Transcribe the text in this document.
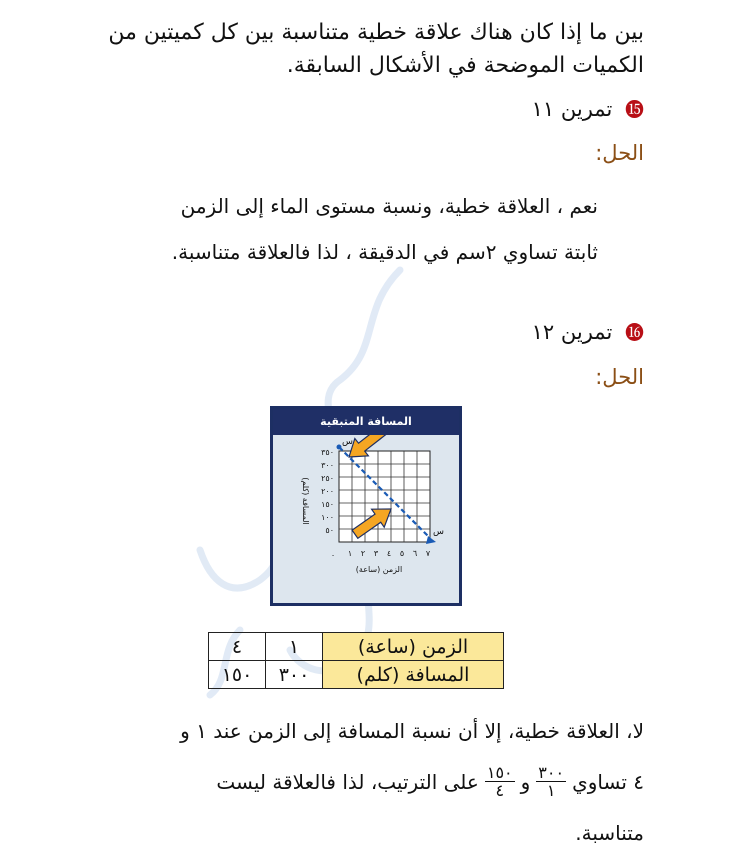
بين ما إذا كان هناك علاقة خطية متناسبة بين كل كميتين من الكميات الموضحة في الأشكال السابقة.
⓯ تمرين ١١
الحل:
نعم ، العلاقة خطية، ونسبة مستوى الماء إلى الزمن
ثابتة تساوي ٢سم في الدقيقة ، لذا فالعلاقة متناسبة.
⓰ تمرين ١٢
الحل:
المسافة المتبقية
٣٥٠
٣٠٠
٢٥٠
٢٠٠
١٥٠
١٠٠
٥٠
٠ ١ ٢ ٣ ٤ ٥ ٦ ٧
الزمن (ساعة)
المسافة (كلم)
س
س
الزمن (ساعة)	١	٤
المسافة (كلم)	٣٠٠	١٥٠
لا، العلاقة خطية، إلا أن نسبة المسافة إلى الزمن عند ١ و
٤ تساوي
$\frac{٣٠٠}{١}$
و
$\frac{١٥٠}{٤}$
على الترتيب، لذا فالعلاقة ليست
متناسبة.
